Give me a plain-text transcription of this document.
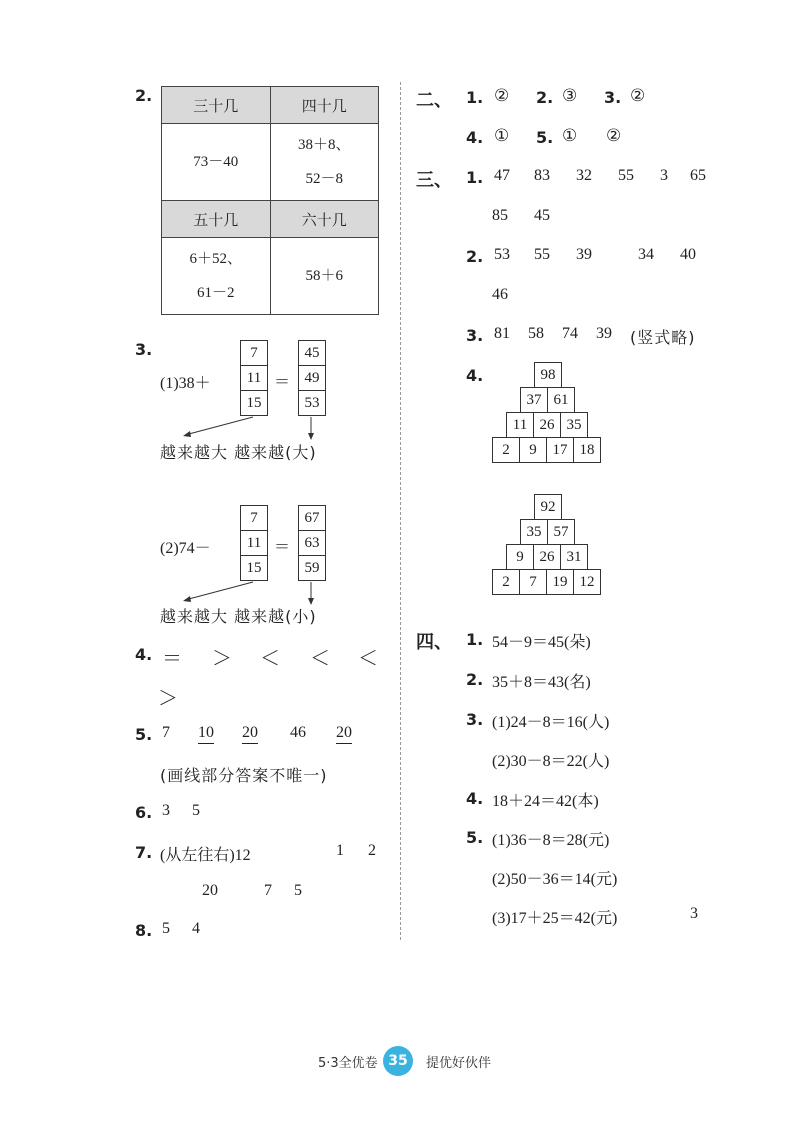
2.
三十几	四十几
73－40	38＋8、
52－8

五十几	六十几

6＋52、
61－2	58＋6
3.
(1)38＋
7
11
15
＝
45
49
53
越来越大 越来越(大)
(2)74－
7
11
15
＝
67
63
59
越来越大 越来越(小)
4. ＝ ＞ ＜ ＜ ＜
＞
5. 7 10 20 46 20
(画线部分答案不唯一)
6. 3 5
7. (从左往右)12	1 2
20	7 5
8. 5 4
二、 1. ② 2. ③ 3. ②
4. ① 5. ① ②
三、 1. 47 83 32 55 3 65
85 45
2. 53 55 39	34 40
46
3. 81 58 74 39 (竖式略)
4.	98
37 61
11 26 35
2	9	17 18
92
35 57
9	26 31
2	7	19 12
四、 1. 54－9＝45(朵)
2. 35＋8＝43(名)
3. (1)24－8＝16(人)
(2)30－8＝22(人)
4. 18＋24＝42(本)
5. (1)36－8＝28(元)
(2)50－36＝14(元)
(3)17＋25＝42(元)	3
5·3全优卷 35	提优好伙伴
